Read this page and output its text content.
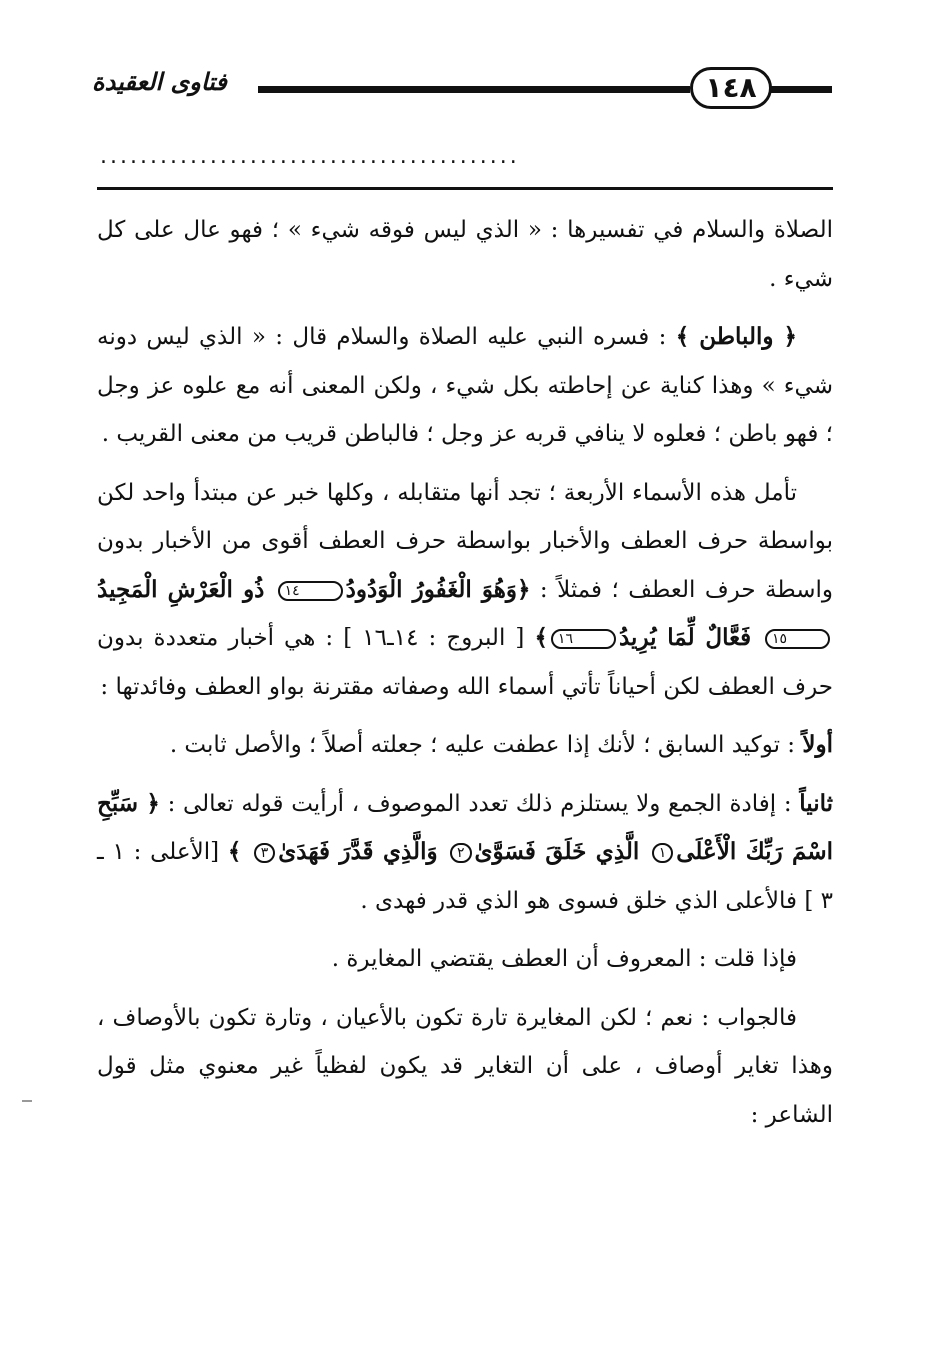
فتاوى العقيدة	١٤٨
..........................................

الصلاة والسلام في تفسيرها : « الذي ليس فوقه شيء » ؛ فهو عال على كل شيء .

﴿ والباطن ﴾ : فسره النبي عليه الصلاة والسلام قال : « الذي ليس دونه شيء » وهذا كناية عن إحاطته بكل شيء ، ولكن المعنى أنه مع علوه عز وجل ؛ فهو باطن ؛ فعلوه لا ينافي قربه عز وجل ؛ فالباطن قريب من معنى القريب .

تأمل هذه الأسماء الأربعة ؛ تجد أنها متقابله ، وكلها خبر عن مبتدأ واحد لكن بواسطة حرف العطف والأخبار بواسطة حرف العطف أقوى من الأخبار بدون واسطة حرف العطف ؛ فمثلاً : ﴿وَهُوَ الْغَفُورُ الْوَدُودُ١٤ ذُو الْعَرْشِ الْمَجِيدُ١٥ فَعَّالٌ لِّمَا يُرِيدُ١٦﴾ [ البروج : ١٤ـ١٦ ] : هي أخبار متعددة بدون حرف العطف لكن أحياناً تأتي أسماء الله وصفاته مقترنة بواو العطف وفائدتها :

أولاً : توكيد السابق ؛ لأنك إذا عطفت عليه ؛ جعلته أصلاً ؛ والأصل ثابت .

ثانياً : إفادة الجمع ولا يستلزم ذلك تعدد الموصوف ، أرأيت قوله تعالى : ﴿ سَبِّحِ اسْمَ رَبِّكَ الْأَعْلَى١ الَّذِي خَلَقَ فَسَوَّىٰ٢ وَالَّذِي قَدَّرَ فَهَدَىٰ٣ ﴾ [الأعلى : ١ ـ ٣ ] فالأعلى الذي خلق فسوى هو الذي قدر فهدى .

فإذا قلت : المعروف أن العطف يقتضي المغايرة .

فالجواب : نعم ؛ لكن المغايرة تارة تكون بالأعيان ، وتارة تكون بالأوصاف ، وهذا تغاير أوصاف ، على أن التغاير قد يكون لفظياً غير معنوي مثل قول الشاعر :
